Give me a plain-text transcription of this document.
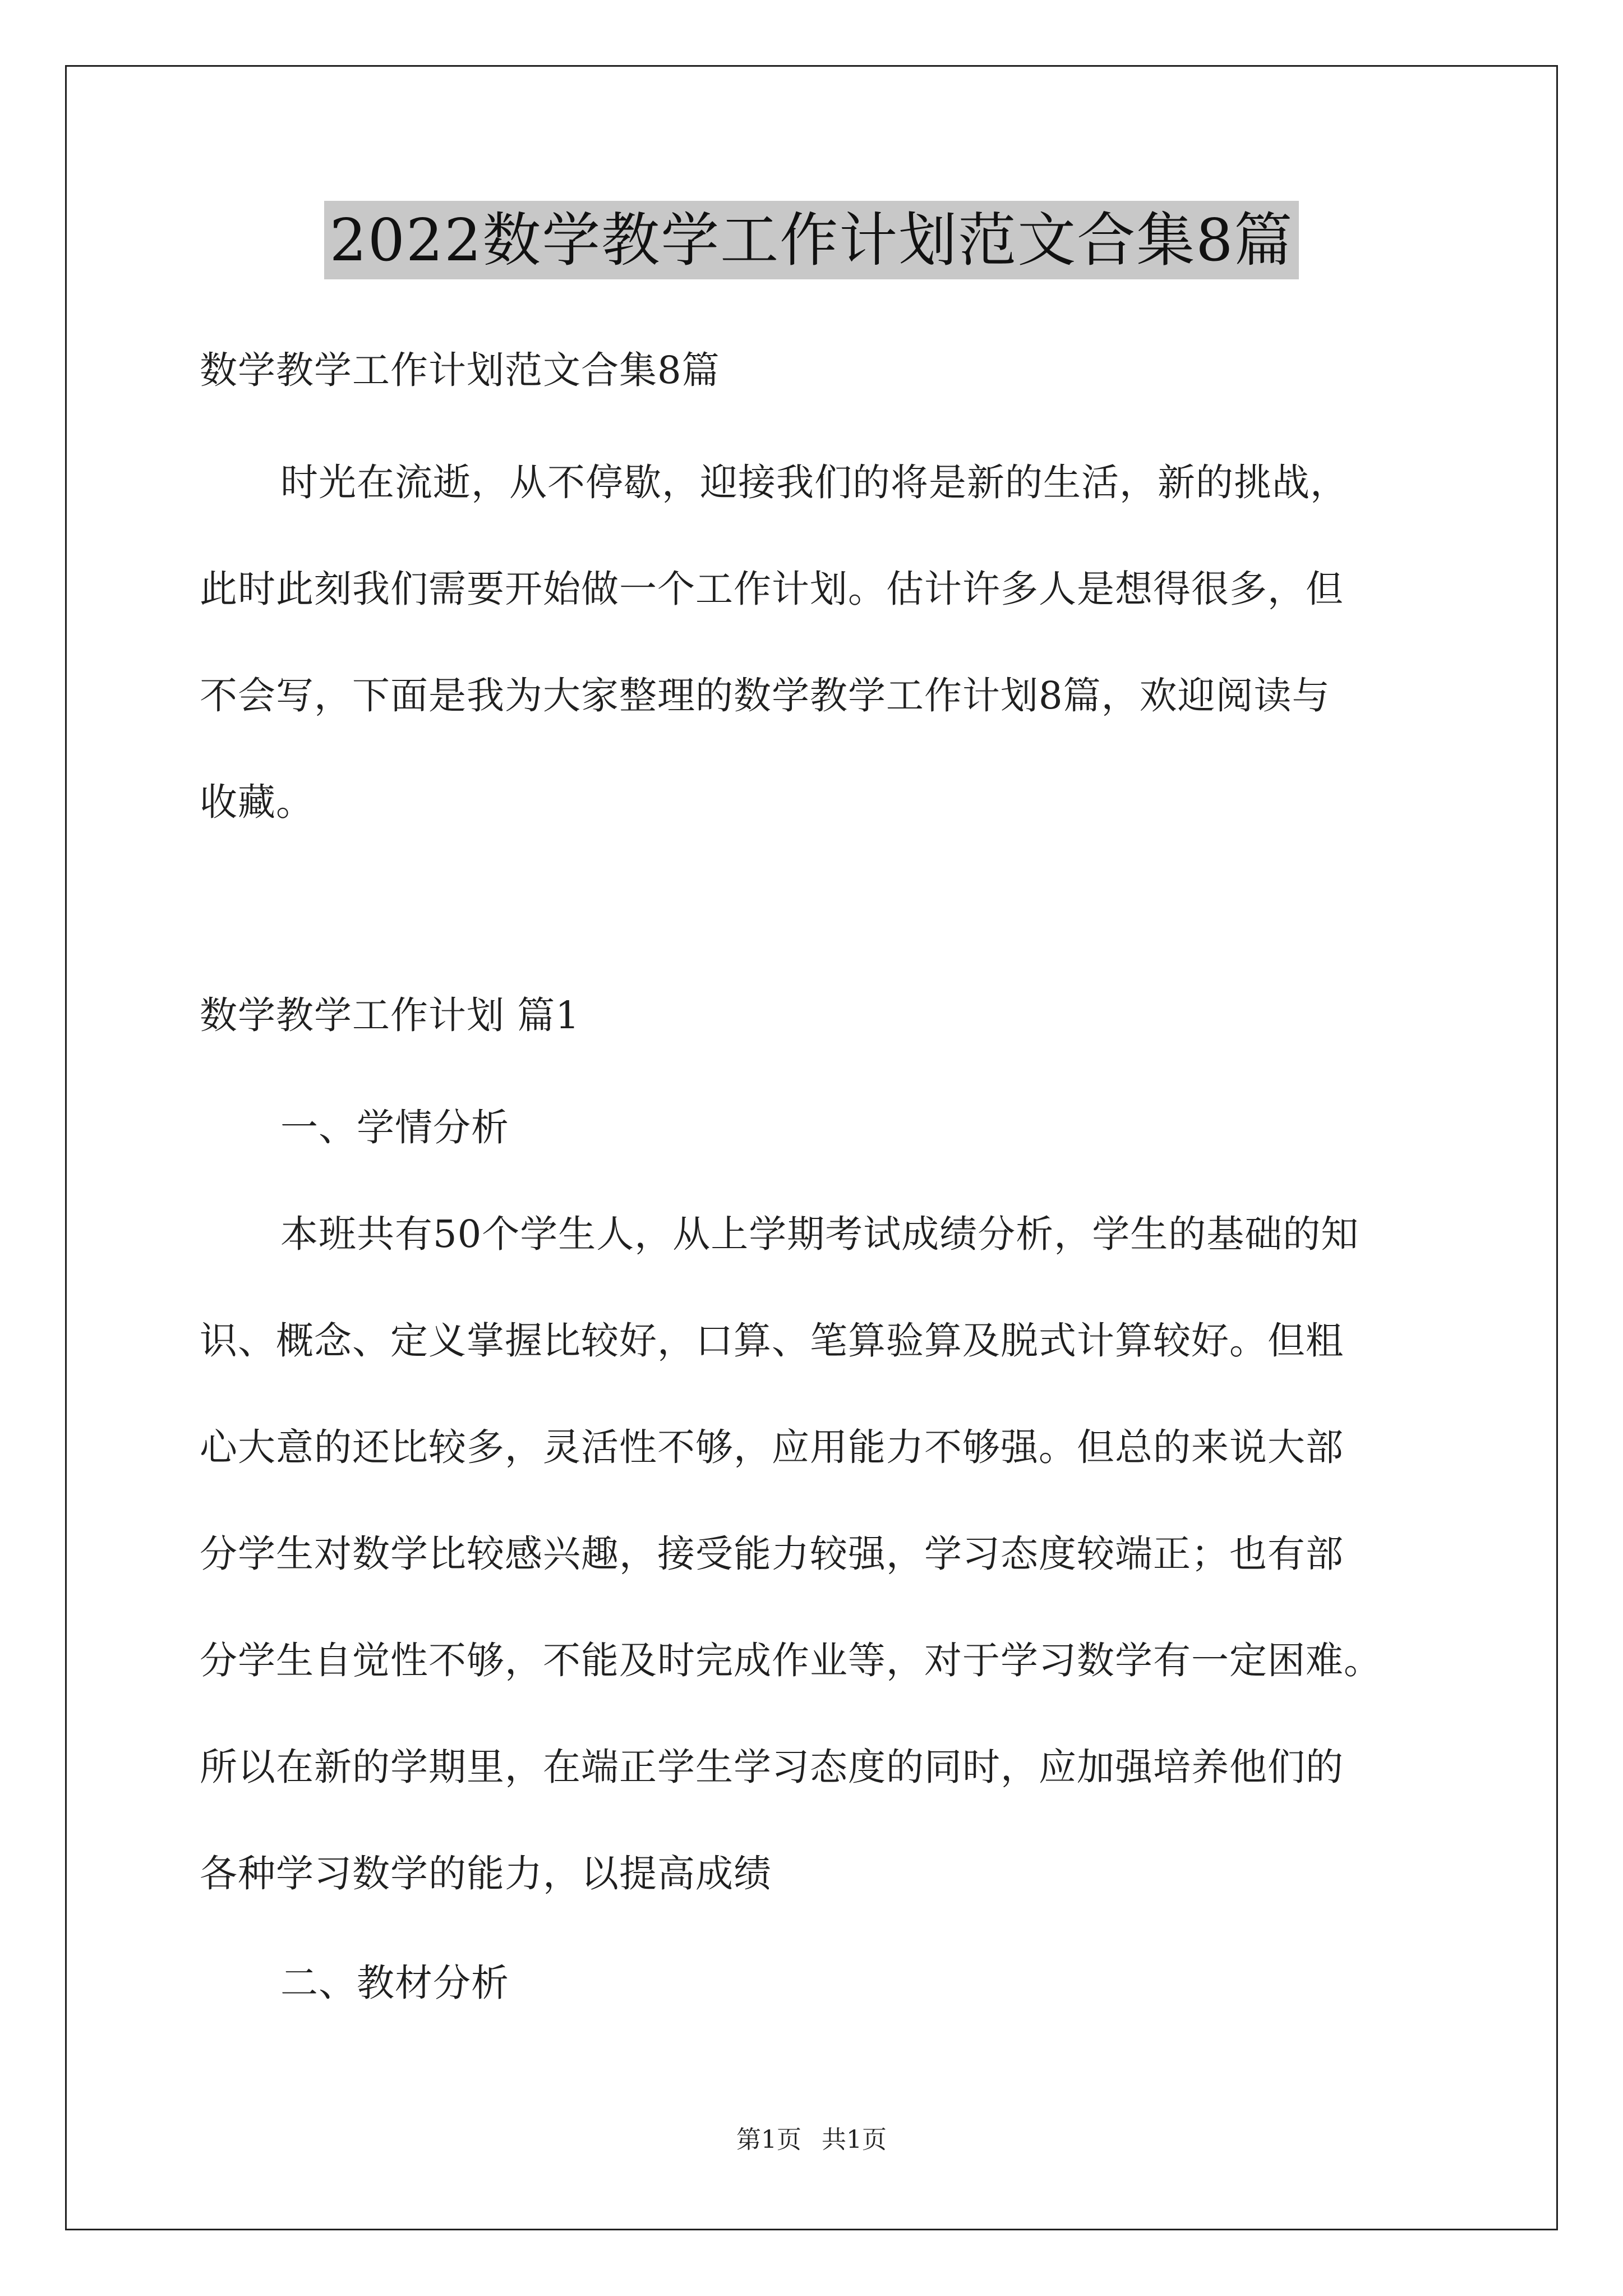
2022数学教学工作计划范文合集8篇
数学教学工作计划范文合集8篇
时光在流逝，从不停歇，迎接我们的将是新的生活，新的挑战，
此时此刻我们需要开始做一个工作计划。估计许多人是想得很多，但
不会写，下面是我为大家整理的数学教学工作计划8篇，欢迎阅读与
收藏。
数学教学工作计划 篇1
一、学情分析
本班共有50个学生人，从上学期考试成绩分析，学生的基础的知
识、概念、定义掌握比较好，口算、笔算验算及脱式计算较好。但粗
心大意的还比较多，灵活性不够，应用能力不够强。但总的来说大部
分学生对数学比较感兴趣，接受能力较强，学习态度较端正；也有部
分学生自觉性不够，不能及时完成作业等，对于学习数学有一定困难。
所以在新的学期里，在端正学生学习态度的同时，应加强培养他们的
各种学习数学的能力，以提高成绩
二、教材分析
第1页 共1页
